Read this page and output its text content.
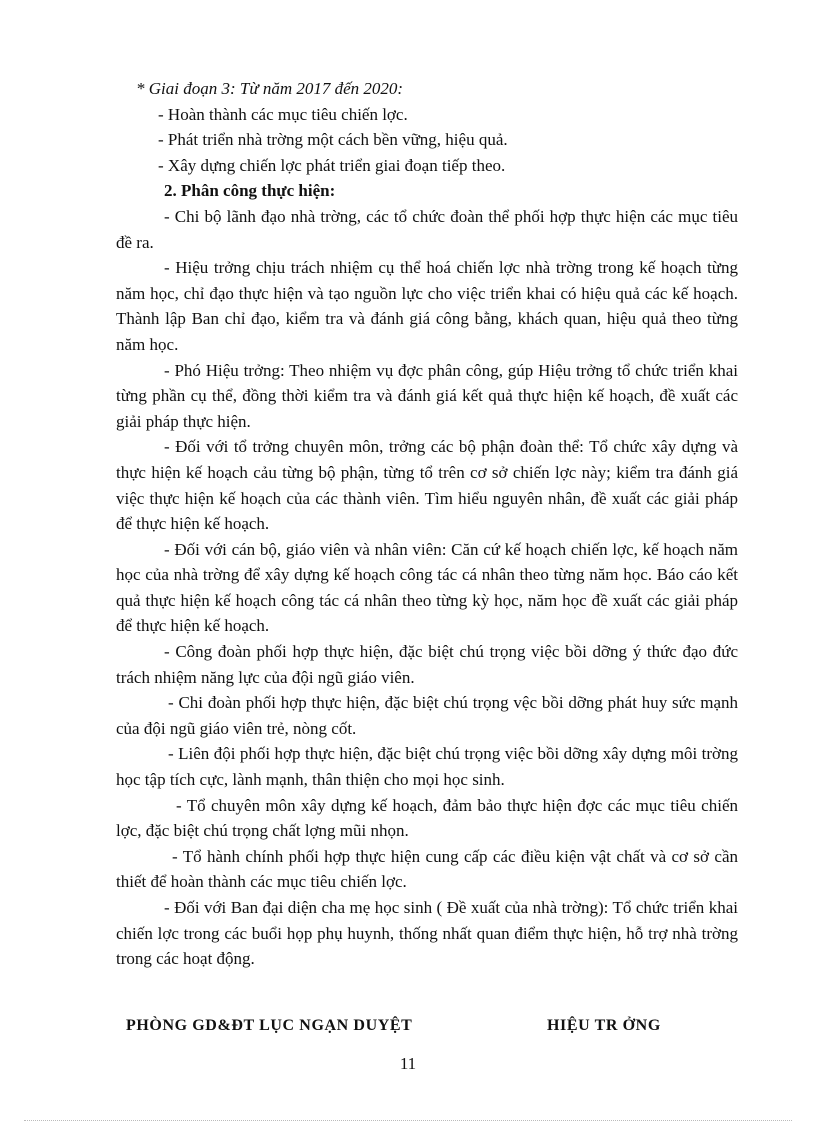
* Giai đoạn 3: Từ năm 2017 đến 2020:

- Hoàn thành các mục tiêu chiến lợc.

- Phát triển nhà trờng một cách bền vững, hiệu quả.

- Xây dựng chiến lợc phát triển giai đoạn tiếp theo.

2. Phân công thực hiện:

- Chi bộ lãnh đạo nhà trờng, các tổ chức đoàn thể phối hợp thực hiện các mục tiêu đề ra.

- Hiệu trởng chịu trách nhiệm cụ thể hoá chiến lợc nhà trờng trong kế hoạch từng năm học, chỉ đạo thực hiện và tạo nguồn lực cho việc triển khai có hiệu quả các kế hoạch. Thành lập Ban chỉ đạo, kiểm tra và đánh giá công bằng, khách quan, hiệu quả theo từng năm học.

- Phó Hiệu trởng: Theo nhiệm vụ đợc phân công, gúp Hiệu trởng tổ chức triển khai từng phần cụ thể, đồng thời kiểm tra và đánh giá kết quả thực hiện kế hoạch, đề xuất các giải pháp thực hiện.

- Đối với tổ trởng chuyên môn, trởng các bộ phận đoàn thể: Tổ chức xây dựng và thực hiện kế hoạch cảu từng bộ phận, từng tổ trên cơ sở chiến lợc này; kiểm tra đánh giá việc thực hiện kế hoạch của các thành viên. Tìm hiểu nguyên nhân, đề xuất các giải pháp để thực hiện kế hoạch.

- Đối với cán bộ, giáo viên và nhân viên: Căn cứ kế hoạch chiến lợc, kế hoạch năm học của nhà trờng để xây dựng kế hoạch công tác cá nhân theo từng năm học. Báo cáo kết quả thực hiện kế hoạch công tác cá nhân theo từng kỳ học, năm học đề xuất các giải pháp để thực hiện kế hoạch.

- Công đoàn phối hợp thực hiện, đặc biệt chú trọng việc bồi dỡng ý thức đạo đức trách nhiệm năng lực của đội ngũ giáo viên.

- Chi đoàn phối hợp thực hiện, đặc biệt chú trọng vệc bồi dỡng phát huy sức mạnh của đội ngũ giáo viên trẻ, nòng cốt.

- Liên đội phối hợp thực hiện, đặc biệt chú trọng việc bồi dỡng xây dựng môi trờng học tập tích cực, lành mạnh, thân thiện cho mọi học sinh.

- Tổ chuyên môn xây dựng kế hoạch, đảm bảo thực hiện đợc các mục tiêu chiến lợc, đặc biệt chú trọng chất lợng mũi nhọn.

- Tổ hành chính phối hợp thực hiện cung cấp các điều kiện vật chất và cơ sở cần thiết để hoàn thành các mục tiêu chiến lợc.

- Đối với Ban đại diện cha mẹ học sinh ( Đề xuất của nhà trờng): Tổ chức triển khai chiến lợc trong các buổi họp phụ huynh, thống nhất quan điểm thực hiện, hỗ trợ nhà trờng trong các hoạt động.

PHÒNG GD&ĐT LỤC NGẠN DUYỆT	HIỆU TR ỞNG
11
